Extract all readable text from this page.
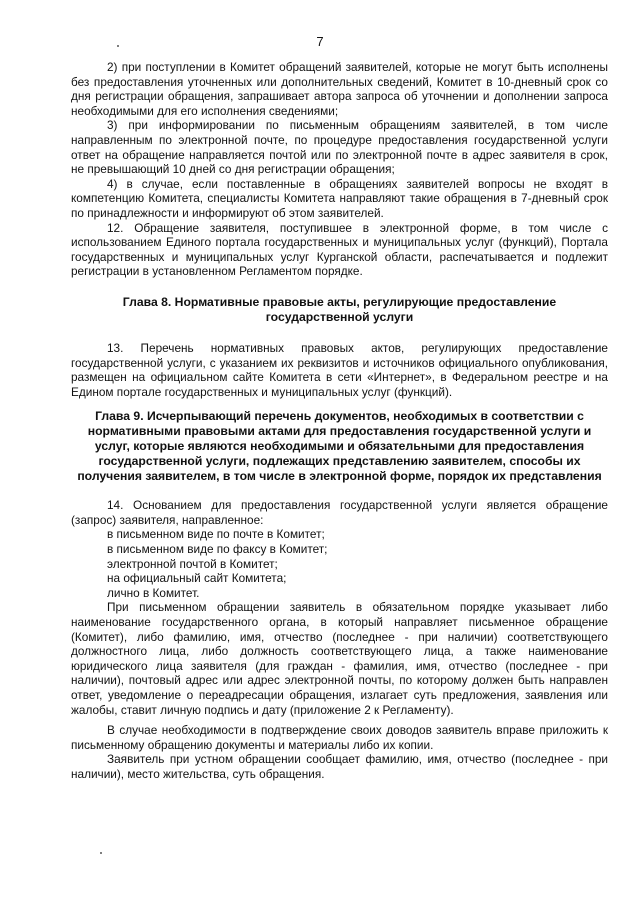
7

2) при поступлении в Комитет обращений заявителей, которые не могут быть исполнены без предоставления уточненных или дополнительных сведений, Комитет в 10-дневный срок со дня регистрации обращения, запрашивает автора запроса об уточнении и дополнении запроса необходимыми для его исполнения сведениями;

3) при информировании по письменным обращениям заявителей, в том числе направленным по электронной почте, по процедуре предоставления государственной услуги ответ на обращение направляется почтой или по электронной почте в адрес заявителя в срок, не превышающий 10 дней со дня регистрации обращения;

4) в случае, если поставленные в обращениях заявителей вопросы не входят в компетенцию Комитета, специалисты Комитета направляют такие обращения в 7-дневный срок по принадлежности и информируют об этом заявителей.

12. Обращение заявителя, поступившее в электронной форме, в том числе с использованием Единого портала государственных и муниципальных услуг (функций), Портала государственных и муниципальных услуг Курганской области, распечатывается и подлежит регистрации в установленном Регламентом порядке.

Глава 8. Нормативные правовые акты, регулирующие предоставление государственной услуги

13. Перечень нормативных правовых актов, регулирующих предоставление государственной услуги, с указанием их реквизитов и источников официального опубликования, размещен на официальном сайте Комитета в сети «Интернет», в Федеральном реестре и на Едином портале государственных и муниципальных услуг (функций).

Глава 9. Исчерпывающий перечень документов, необходимых в соответствии с нормативными правовыми актами для предоставления государственной услуги и услуг, которые являются необходимыми и обязательными для предоставления государственной услуги, подлежащих представлению заявителем, способы их получения заявителем, в том числе в электронной форме, порядок их представления

14. Основанием для предоставления государственной услуги является обращение (запрос) заявителя, направленное:

в письменном виде по почте в Комитет;

в письменном виде по факсу в Комитет;

электронной почтой в Комитет;

на официальный сайт Комитета;

лично в Комитет.

При письменном обращении заявитель в обязательном порядке указывает либо наименование государственного органа, в который направляет письменное обращение (Комитет), либо фамилию, имя, отчество (последнее - при наличии) соответствующего должностного лица, либо должность соответствующего лица, а также наименование юридического лица заявителя (для граждан - фамилия, имя, отчество (последнее - при наличии), почтовый адрес или адрес электронной почты, по которому должен быть направлен ответ, уведомление о переадресации обращения, излагает суть предложения, заявления или жалобы, ставит личную подпись и дату (приложение 2 к Регламенту).

В случае необходимости в подтверждение своих доводов заявитель вправе приложить к письменному обращению документы и материалы либо их копии.

Заявитель при устном обращении сообщает фамилию, имя, отчество (последнее - при наличии), место жительства, суть обращения.
